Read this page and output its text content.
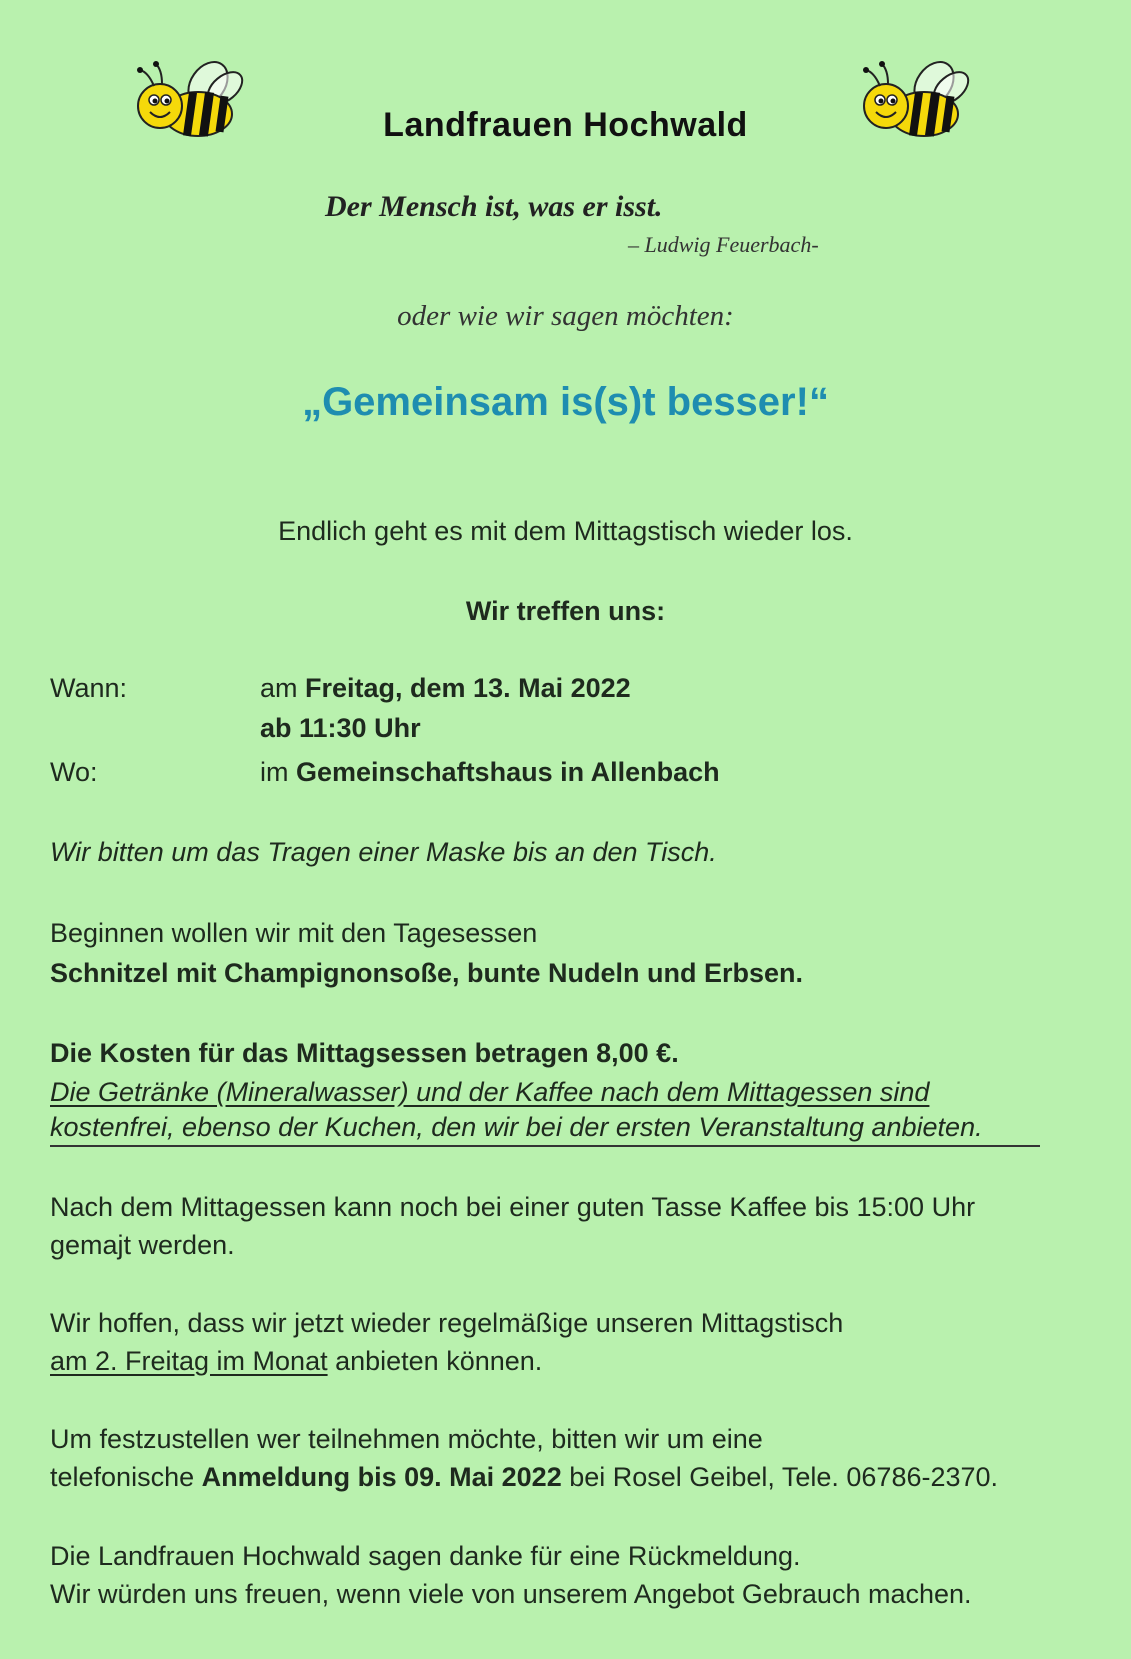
Landfrauen Hochwald
Der Mensch ist, was er isst.
– Ludwig Feuerbach-
oder wie wir sagen möchten:
„Gemeinsam is(s)t besser!“
Endlich geht es mit dem Mittagstisch wieder los.
Wir treffen uns:
Wann:	am Freitag, dem 13. Mai 2022
ab 11:30 Uhr
Wo:	im Gemeinschaftshaus in Allenbach
Wir bitten um das Tragen einer Maske bis an den Tisch.
Beginnen wollen wir mit den Tagesessen
Schnitzel mit Champignonsoße, bunte Nudeln und Erbsen.
Die Kosten für das Mittagsessen betragen 8,00 €.
Die Getränke (Mineralwasser) und der Kaffee nach dem Mittagessen sind
kostenfrei, ebenso der Kuchen, den wir bei der ersten Veranstaltung anbieten.
Nach dem Mittagessen kann noch bei einer guten Tasse Kaffee bis 15:00 Uhr
gemajt werden.
Wir hoffen, dass wir jetzt wieder regelmäßige unseren Mittagstisch
am 2. Freitag im Monat anbieten können.
Um festzustellen wer teilnehmen möchte, bitten wir um eine
telefonische Anmeldung bis 09. Mai 2022 bei Rosel Geibel, Tele. 06786-2370.
Die Landfrauen Hochwald sagen danke für eine Rückmeldung.
Wir würden uns freuen, wenn viele von unserem Angebot Gebrauch machen.
